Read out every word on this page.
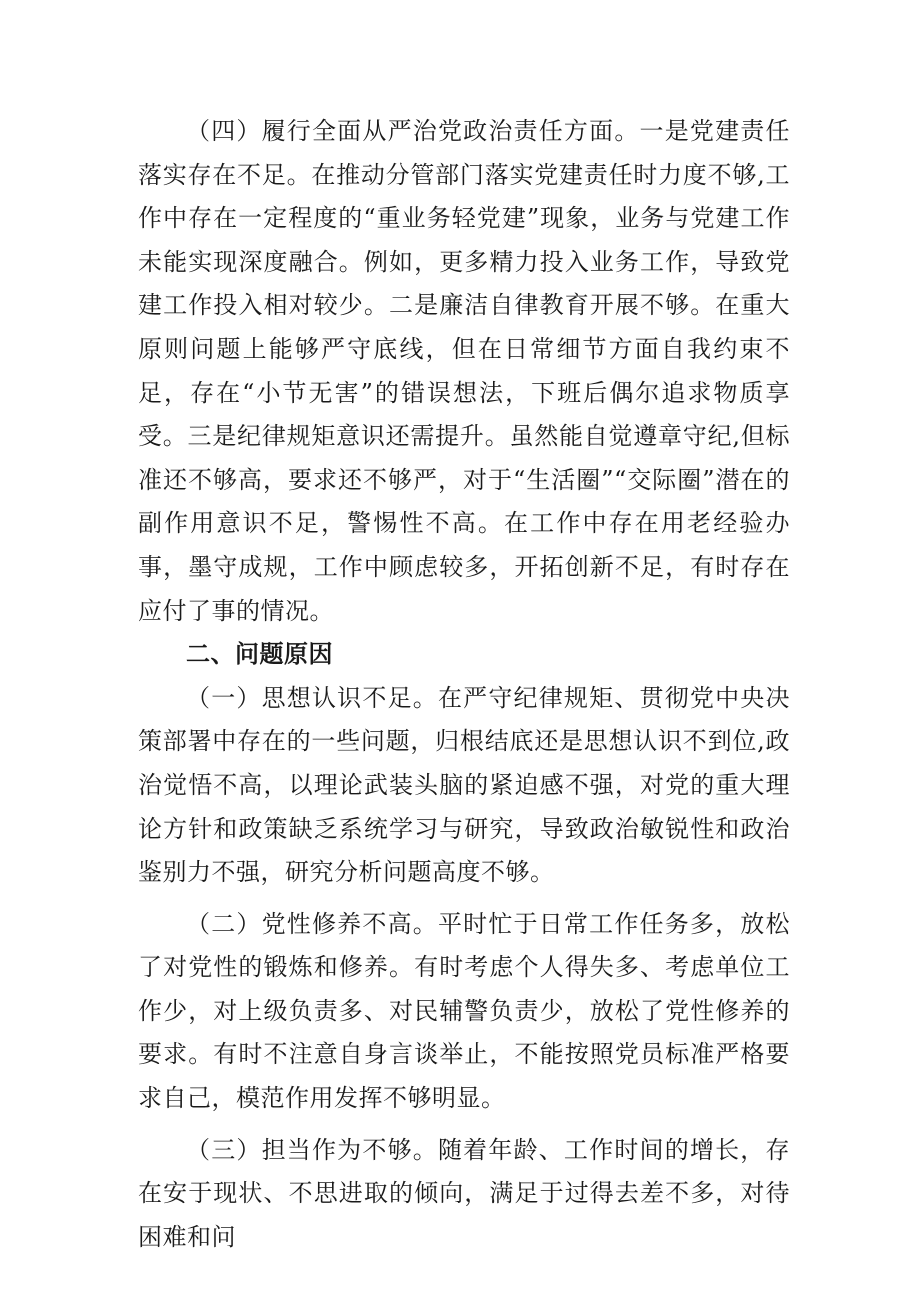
（四）履行全面从严治党政治责任方面。一是党建责任落实存在不足。在推动分管部门落实党建责任时力度不够,工作中存在一定程度的“重业务轻党建”现象，业务与党建工作未能实现深度融合。例如，更多精力投入业务工作，导致党建工作投入相对较少。二是廉洁自律教育开展不够。在重大原则问题上能够严守底线，但在日常细节方面自我约束不足，存在“小节无害”的错误想法，下班后偶尔追求物质享受。三是纪律规矩意识还需提升。虽然能自觉遵章守纪,但标准还不够高，要求还不够严，对于“生活圈”“交际圈”潜在的副作用意识不足，警惕性不高。在工作中存在用老经验办事，墨守成规，工作中顾虑较多，开拓创新不足，有时存在应付了事的情况。

二、问题原因

（一）思想认识不足。在严守纪律规矩、贯彻党中央决策部署中存在的一些问题，归根结底还是思想认识不到位,政治觉悟不高，以理论武装头脑的紧迫感不强，对党的重大理论方针和政策缺乏系统学习与研究，导致政治敏锐性和政治鉴别力不强，研究分析问题高度不够。

（二）党性修养不高。平时忙于日常工作任务多，放松了对党性的锻炼和修养。有时考虑个人得失多、考虑单位工作少，对上级负责多、对民辅警负责少，放松了党性修养的要求。有时不注意自身言谈举止，不能按照党员标准严格要求自己，模范作用发挥不够明显。

（三）担当作为不够。随着年龄、工作时间的增长，存在安于现状、不思进取的倾向，满足于过得去差不多，对待困难和问
